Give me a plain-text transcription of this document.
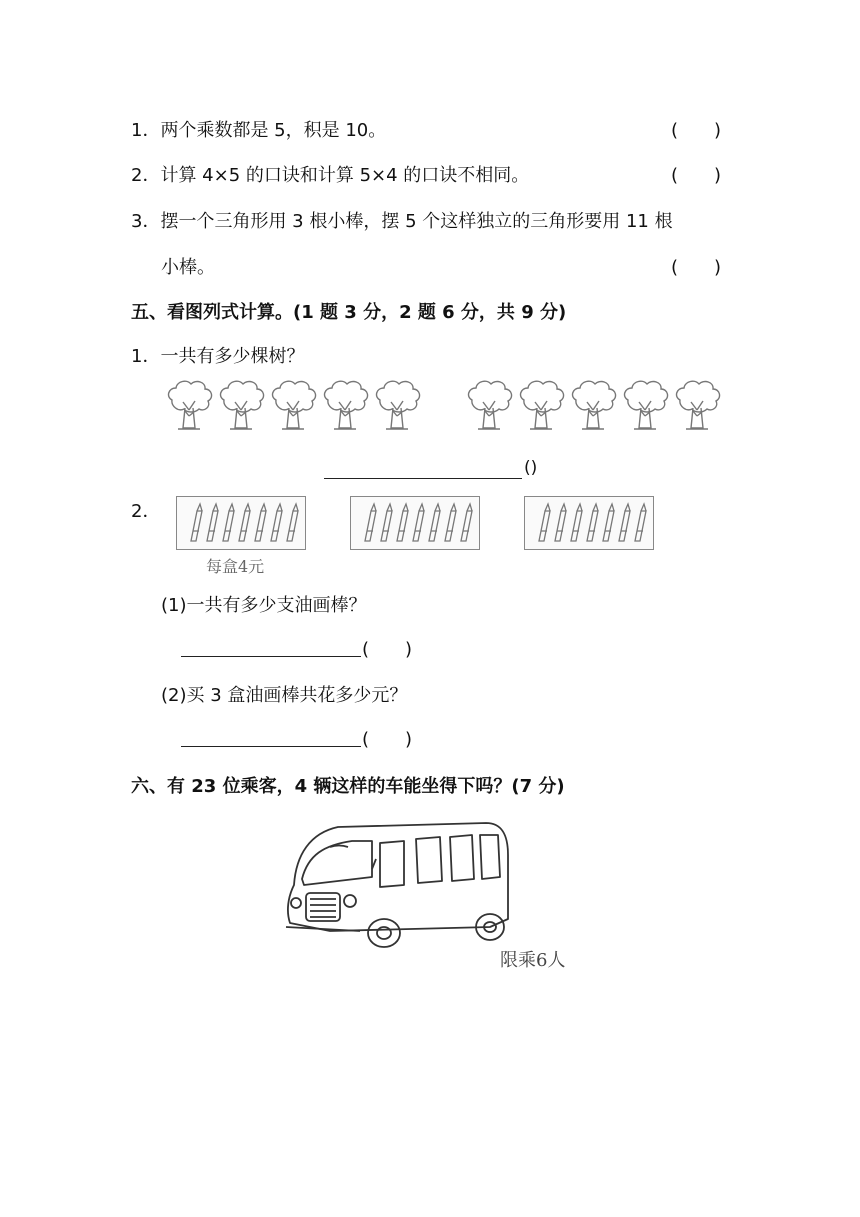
1．两个乘数都是 5，积是 10。	(　　)
2．计算 4×5 的口诀和计算 5×4 的口诀不相同。	(　　)
3．摆一个三角形用 3 根小棒，摆 5 个这样独立的三角形要用 11 根
小棒。	(　　)
五、看图列式计算。(1 题 3 分，2 题 6 分，共 9 分)
1．一共有多少棵树？
()
2．
每盒4元
(1)一共有多少支油画棒？
(　　)
(2)买 3 盒油画棒共花多少元？
(　　)
六、有 23 位乘客，4 辆这样的车能坐得下吗？(7 分)
限乘6人
